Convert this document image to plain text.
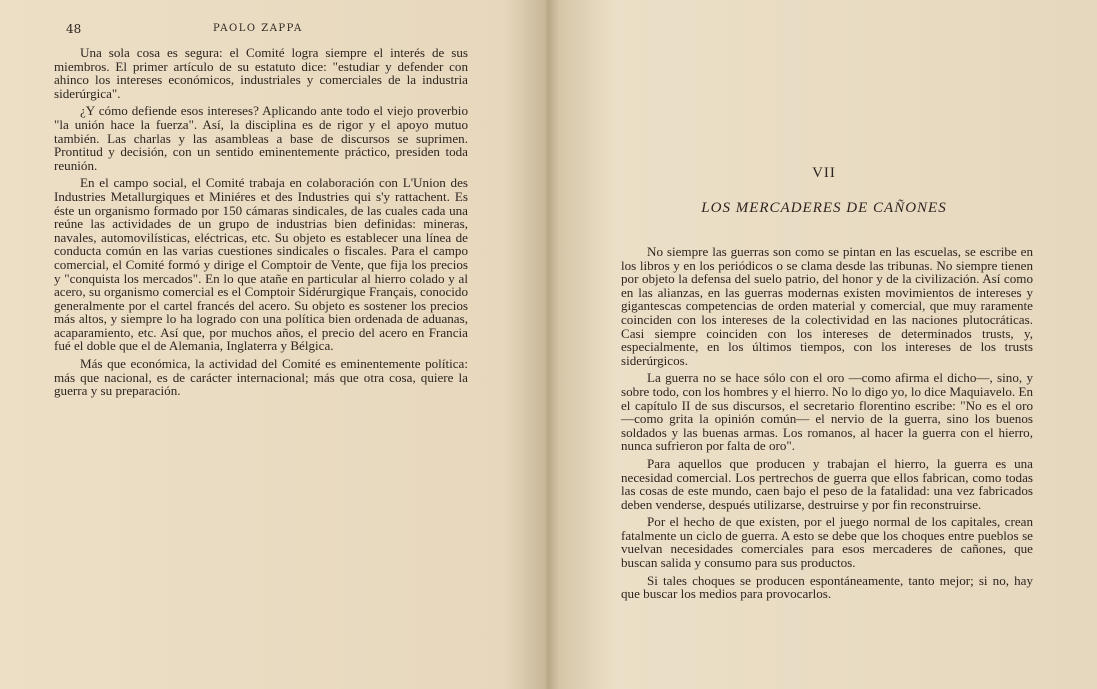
48	PAOLO ZAPPA

Una sola cosa es segura: el Comité logra siempre el interés de sus miembros. El primer artículo de su estatuto dice: "estudiar y defender con ahinco los intereses económicos, industriales y comerciales de la industria siderúrgica".

¿Y cómo defiende esos intereses? Aplicando ante todo el viejo proverbio "la unión hace la fuerza". Así, la disciplina es de rigor y el apoyo mutuo también. Las charlas y las asambleas a base de discursos se suprimen. Prontitud y decisión, con un sentido eminentemente práctico, presiden toda reunión.

En el campo social, el Comité trabaja en colaboración con L'Union des Industries Metallurgiques et Miniéres et des Industries qui s'y rattachent. Es éste un organismo formado por 150 cámaras sindicales, de las cuales cada una reúne las actividades de un grupo de industrias bien definidas: mineras, navales, automovilísticas, eléctricas, etc. Su objeto es establecer una línea de conducta común en las varias cuestiones sindicales o fiscales. Para el campo comercial, el Comité formó y dirige el Comptoir de Vente, que fija los precios y "conquista los mercados". En lo que atañe en particular al hierro colado y al acero, su organismo comercial es el Comptoir Sidérurgique Français, conocido generalmente por el cartel francés del acero. Su objeto es sostener los precios más altos, y siempre lo ha logrado con una política bien ordenada de aduanas, acaparamiento, etc. Así que, por muchos años, el precio del acero en Francia fué el doble que el de Alemania, Inglaterra y Bélgica.

Más que económica, la actividad del Comité es eminentemente política: más que nacional, es de carácter internacional; más que otra cosa, quiere la guerra y su preparación.

VII
LOS MERCADERES DE CAÑONES

No siempre las guerras son como se pintan en las escuelas, se escribe en los libros y en los periódicos o se clama desde las tribunas. No siempre tienen por objeto la defensa del suelo patrio, del honor y de la civilización. Así como en las alianzas, en las guerras modernas existen movimientos de intereses y gigantescas competencias de orden material y comercial, que muy raramente coinciden con los intereses de la colectividad en las naciones plutocráticas. Casi siempre coinciden con los intereses de determinados trusts, y, especialmente, en los últimos tiempos, con los intereses de los trusts siderúrgicos.

La guerra no se hace sólo con el oro —como afirma el dicho—, sino, y sobre todo, con los hombres y el hierro. No lo digo yo, lo dice Maquiavelo. En el capítulo II de sus discursos, el secretario florentino escribe: "No es el oro —como grita la opinión común— el nervio de la guerra, sino los buenos soldados y las buenas armas. Los romanos, al hacer la guerra con el hierro, nunca sufrieron por falta de oro".

Para aquellos que producen y trabajan el hierro, la guerra es una necesidad comercial. Los pertrechos de guerra que ellos fabrican, como todas las cosas de este mundo, caen bajo el peso de la fatalidad: una vez fabricados deben venderse, después utilizarse, destruirse y por fin reconstruirse.

Por el hecho de que existen, por el juego normal de los capitales, crean fatalmente un ciclo de guerra. A esto se debe que los choques entre pueblos se vuelvan necesidades comerciales para esos mercaderes de cañones, que buscan salida y consumo para sus productos.

Si tales choques se producen espontáneamente, tanto mejor; si no, hay que buscar los medios para provocarlos.
